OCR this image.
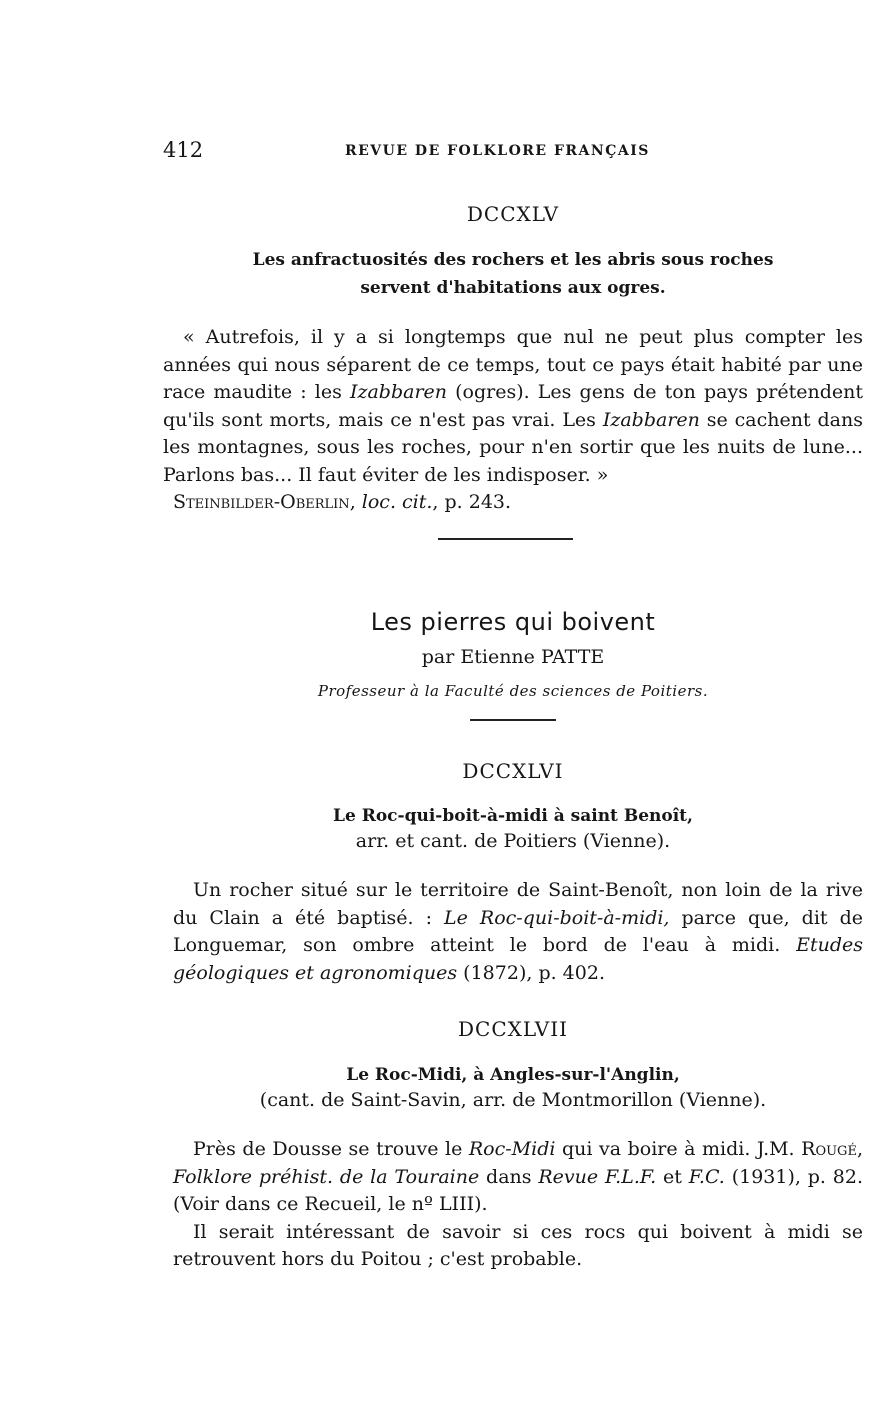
412	REVUE DE FOLKLORE FRANÇAIS
DCCXLV
Les anfractuosités des rochers et les abris sous roches
servent d'habitations aux ogres.

« Autrefois, il y a si longtemps que nul ne peut plus compter les années qui nous séparent de ce temps, tout ce pays était habité par une race maudite : les Izabbaren (ogres). Les gens de ton pays prétendent qu'ils sont morts, mais ce n'est pas vrai. Les Izabbaren se cachent dans les montagnes, sous les roches, pour n'en sortir que les nuits de lune... Parlons bas... Il faut éviter de les indisposer. »

Steinbilder-Oberlin, loc. cit., p. 243.

Les pierres qui boivent
par Etienne PATTE
Professeur à la Faculté des sciences de Poitiers.
DCCXLVI
Le Roc-qui-boit-à-midi à saint Benoît,
arr. et cant. de Poitiers (Vienne).

Un rocher situé sur le territoire de Saint-Benoît, non loin de la rive du Clain a été baptisé. : Le Roc-qui-boit-à-midi, parce que, dit de Longuemar, son ombre atteint le bord de l'eau à midi. Etudes géologiques et agronomiques (1872), p. 402.

DCCXLVII
Le Roc-Midi, à Angles-sur-l'Anglin,
(cant. de Saint-Savin, arr. de Montmorillon (Vienne).

Près de Dousse se trouve le Roc-Midi qui va boire à midi. J.M. Rougé, Folklore préhist. de la Touraine dans Revue F.L.F. et F.C. (1931), p. 82. (Voir dans ce Recueil, le nº LIII).

Il serait intéressant de savoir si ces rocs qui boivent à midi se retrouvent hors du Poitou ; c'est probable.
